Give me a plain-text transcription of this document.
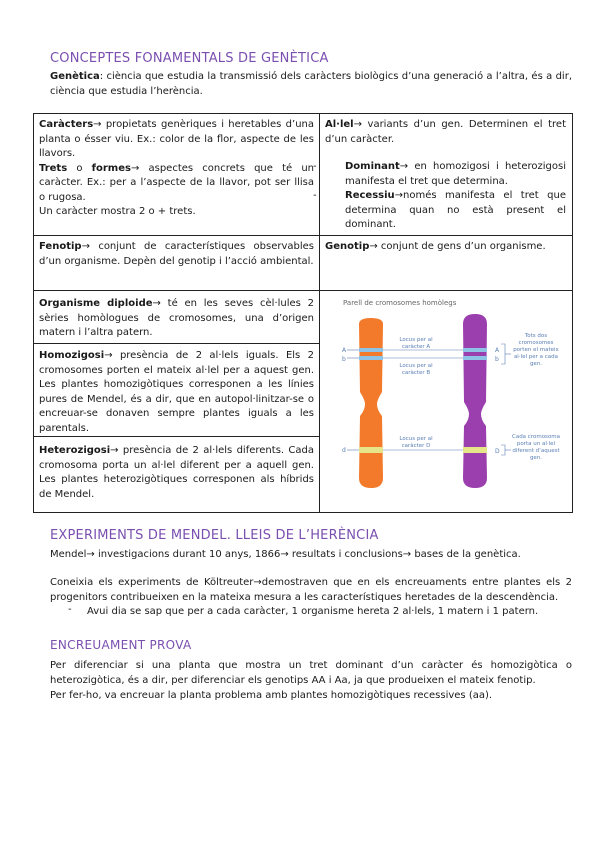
CONCEPTES FONAMENTALS DE GENÈTICA
Genètica: ciència que estudia la transmissió dels caràcters biològics d’una generació a l’altra, és a dir, ciència que estudia l’herència.
Caràcters→ propietats genèriques i heretables d’una planta o ésser viu. Ex.: color de la flor, aspecte de les llavors.
Trets o formes→ aspectes concrets que té un caràcter. Ex.: per a l’aspecte de la llavor, pot ser llisa o rugosa.
Un caràcter mostra 2 o + trets.
Al·lel→ variants d’un gen. Determinen el tret d’un caràcter.
-	Dominant→ en homozigosi i heterozigosi manifesta el tret que determina.
-	Recessiu→només manifesta el tret que determina quan no està present el dominant.
Fenotip→ conjunt de característiques observables d’un organisme. Depèn del genotip i l’acció ambiental.
Genotip→ conjunt de gens d’un organisme.
Organisme diploide→ té en les seves cèl·lules 2 sèries homòlogues de cromosomes, una d’origen matern i l’altra patern.
Homozigosi→ presència de 2 al·lels iguals. Els 2 cromosomes porten el mateix al·lel per a aquest gen. Les plantes homozigòtiques corresponen a les línies pures de Mendel, és a dir, que en autopol·linitzar-se o encreuar-se donaven sempre plantes iguals a les parentals.
Heterozigosi→ presència de 2 al·lels diferents. Cada cromosoma porta un al·lel diferent per a aquell gen. Les plantes heterozigòtiques corresponen als híbrids de Mendel.
Parell de cromosomes homòlegs
A
b
d
Locus per al
caràcter A
Locus per al
caràcter B
Locus per al
caràcter D
A
b
D
Tots dos
cromosomes
porten el mateix
al·lel per a cada
gen.
Cada cromosoma
porta un al·lel
diferent d’aquest
gen.
EXPERIMENTS DE MENDEL. LLEIS DE L’HERÈNCIA
Mendel→ investigacions durant 10 anys, 1866→ resultats i conclusions→ bases de la genètica.
Coneixia els experiments de Költreuter→demostraven que en els encreuaments entre plantes els 2 progenitors contribueixen en la mateixa mesura a les característiques heretades de la descendència.
- Avui dia se sap que per a cada caràcter, 1 organisme hereta 2 al·lels, 1 matern i 1 patern.
ENCREUAMENT PROVA
Per diferenciar si una planta que mostra un tret dominant d’un caràcter és homozigòtica o heterozigòtica, és a dir, per diferenciar els genotips AA i Aa, ja que produeixen el mateix fenotip.
Per fer-ho, va encreuar la planta problema amb plantes homozigòtiques recessives (aa).
